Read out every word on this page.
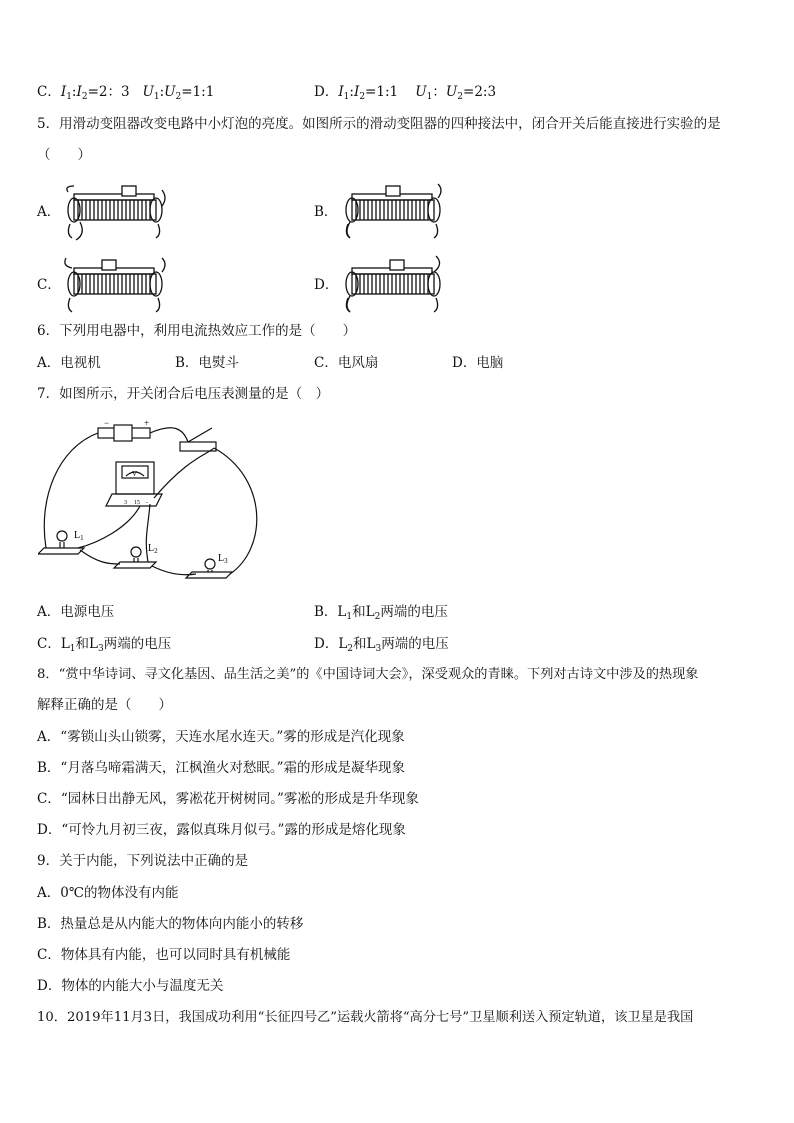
C．$I_1:I_2=2$：3 $U_1:U_2=1:1$	D．$I_1:I_2=1:1$ $U_1$：$U_2=2:3$
5．用滑动变阻器改变电路中小灯泡的亮度。如图所示的滑动变阻器的四种接法中，闭合开关后能直接进行实验的是
（　　）
A．	B．
C．	D．
6．下列用电器中，利用电流热效应工作的是（　　）
A．电视机	B．电熨斗	C．电风扇	D．电脑
7．如图所示，开关闭合后电压表测量的是（　）
−	+
V
3 15 -
$L_1$
$L_2$
$L_3$
A．电源电压	B．$L_1$和$L_2$两端的电压
C．$L_1$和$L_3$两端的电压	D．$L_2$和$L_3$两端的电压
8．“赏中华诗词、寻文化基因、品生活之美”的《中国诗词大会》，深受观众的青睐。下列对古诗文中涉及的热现象
解释正确的是（　　）
A．“雾锁山头山锁雾，天连水尾水连天。”雾的形成是汽化现象
B．“月落乌啼霜满天，江枫渔火对愁眠。”霜的形成是凝华现象
C．“园林日出静无风，雾凇花开树树同。”雾凇的形成是升华现象
D．“可怜九月初三夜，露似真珠月似弓。”露的形成是熔化现象
9．关于内能，下列说法中正确的是
A．0℃的物体没有内能
B．热量总是从内能大的物体向内能小的转移
C．物体具有内能，也可以同时具有机械能
D．物体的内能大小与温度无关
10．2019年11月3日，我国成功利用“长征四号乙”运载火箭将“高分七号”卫星顺利送入预定轨道，该卫星是我国
